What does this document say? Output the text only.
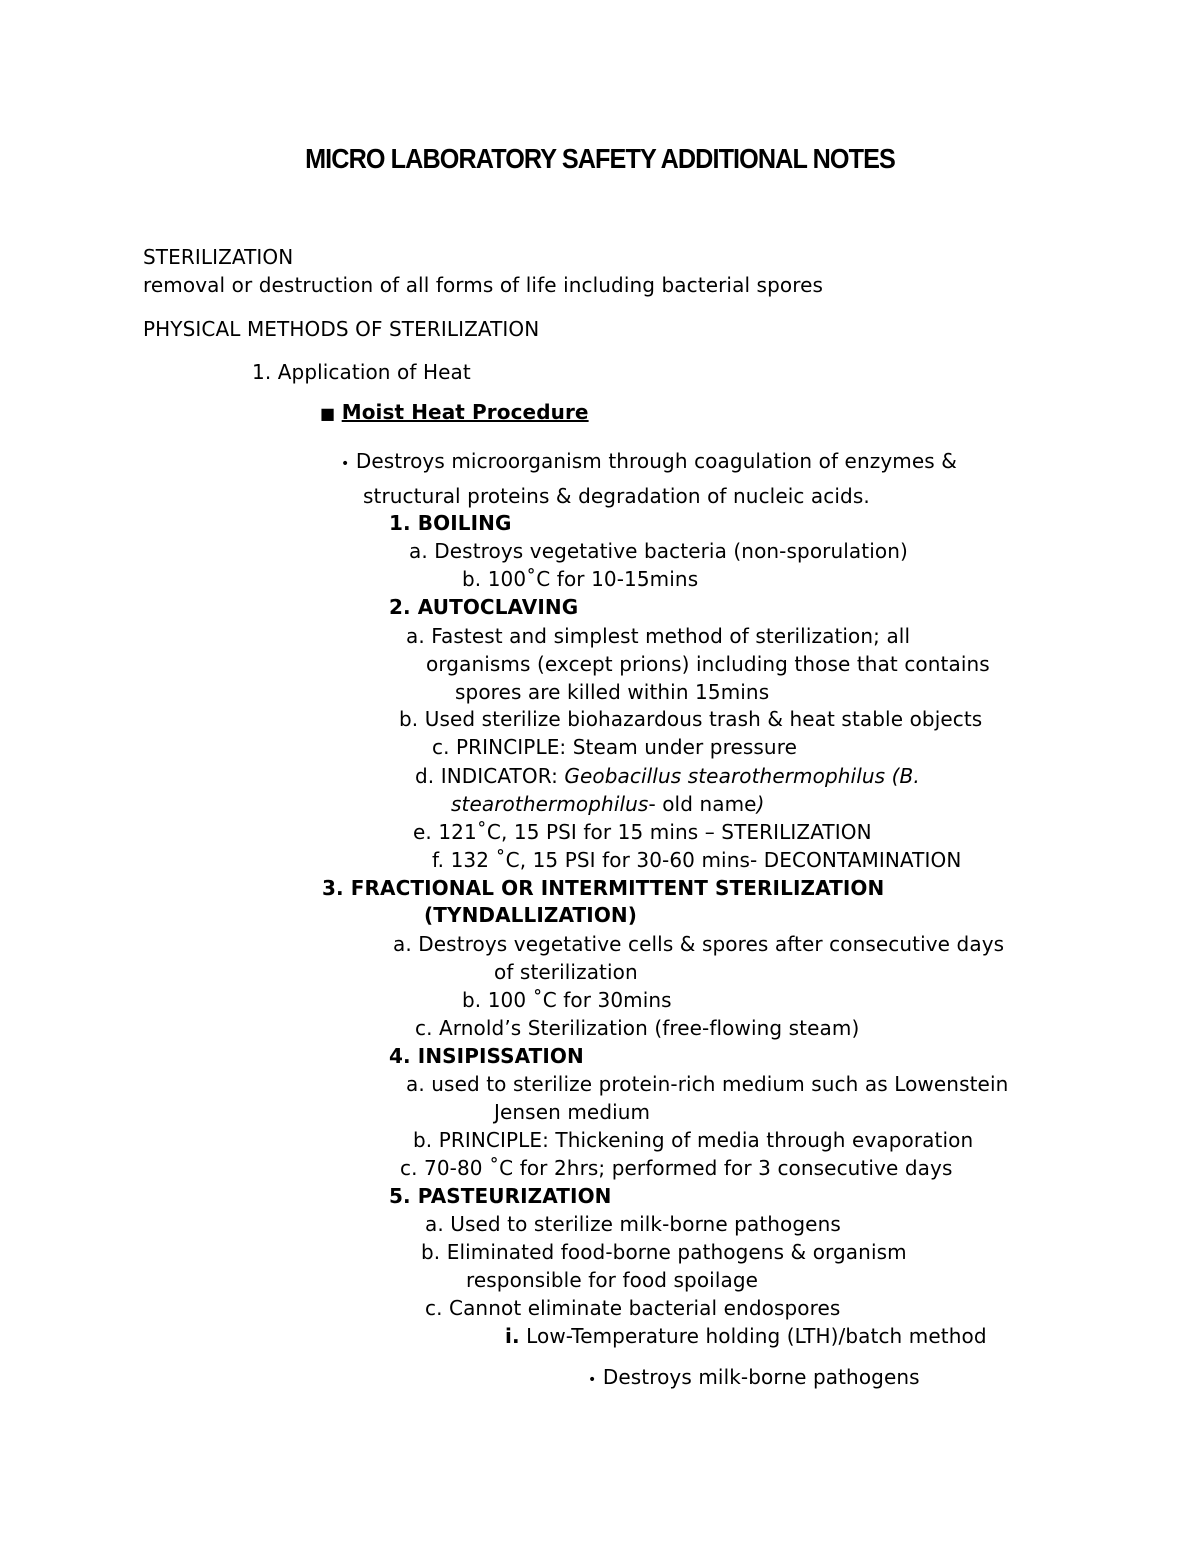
MICRO LABORATORY SAFETY ADDITIONAL NOTES
STERILIZATION
removal or destruction of all forms of life including bacterial spores
PHYSICAL METHODS OF STERILIZATION
1. Application of Heat
■ Moist Heat Procedure
• Destroys microorganism through coagulation of enzymes &
structural proteins & degradation of nucleic acids.
1. BOILING
a. Destroys vegetative bacteria (non-sporulation)
b. 100˚C for 10-15mins
2. AUTOCLAVING
a. Fastest and simplest method of sterilization; all
organisms (except prions) including those that contains
spores are killed within 15mins
b. Used sterilize biohazardous trash & heat stable objects
c. PRINCIPLE: Steam under pressure
d. INDICATOR: Geobacillus stearothermophilus (B.
stearothermophilus- old name)
e. 121˚C, 15 PSI for 15 mins – STERILIZATION
f. 132 ˚C, 15 PSI for 30-60 mins- DECONTAMINATION
3. FRACTIONAL OR INTERMITTENT STERILIZATION
(TYNDALLIZATION)
a. Destroys vegetative cells & spores after consecutive days
of sterilization
b. 100 ˚C for 30mins
c. Arnold’s Sterilization (free-flowing steam)
4. INSIPISSATION
a. used to sterilize protein-rich medium such as Lowenstein
Jensen medium
b. PRINCIPLE: Thickening of media through evaporation
c. 70-80 ˚C for 2hrs; performed for 3 consecutive days
5. PASTEURIZATION
a. Used to sterilize milk-borne pathogens
b. Eliminated food-borne pathogens & organism
responsible for food spoilage
c. Cannot eliminate bacterial endospores
i. Low-Temperature holding (LTH)/batch method
• Destroys milk-borne pathogens
